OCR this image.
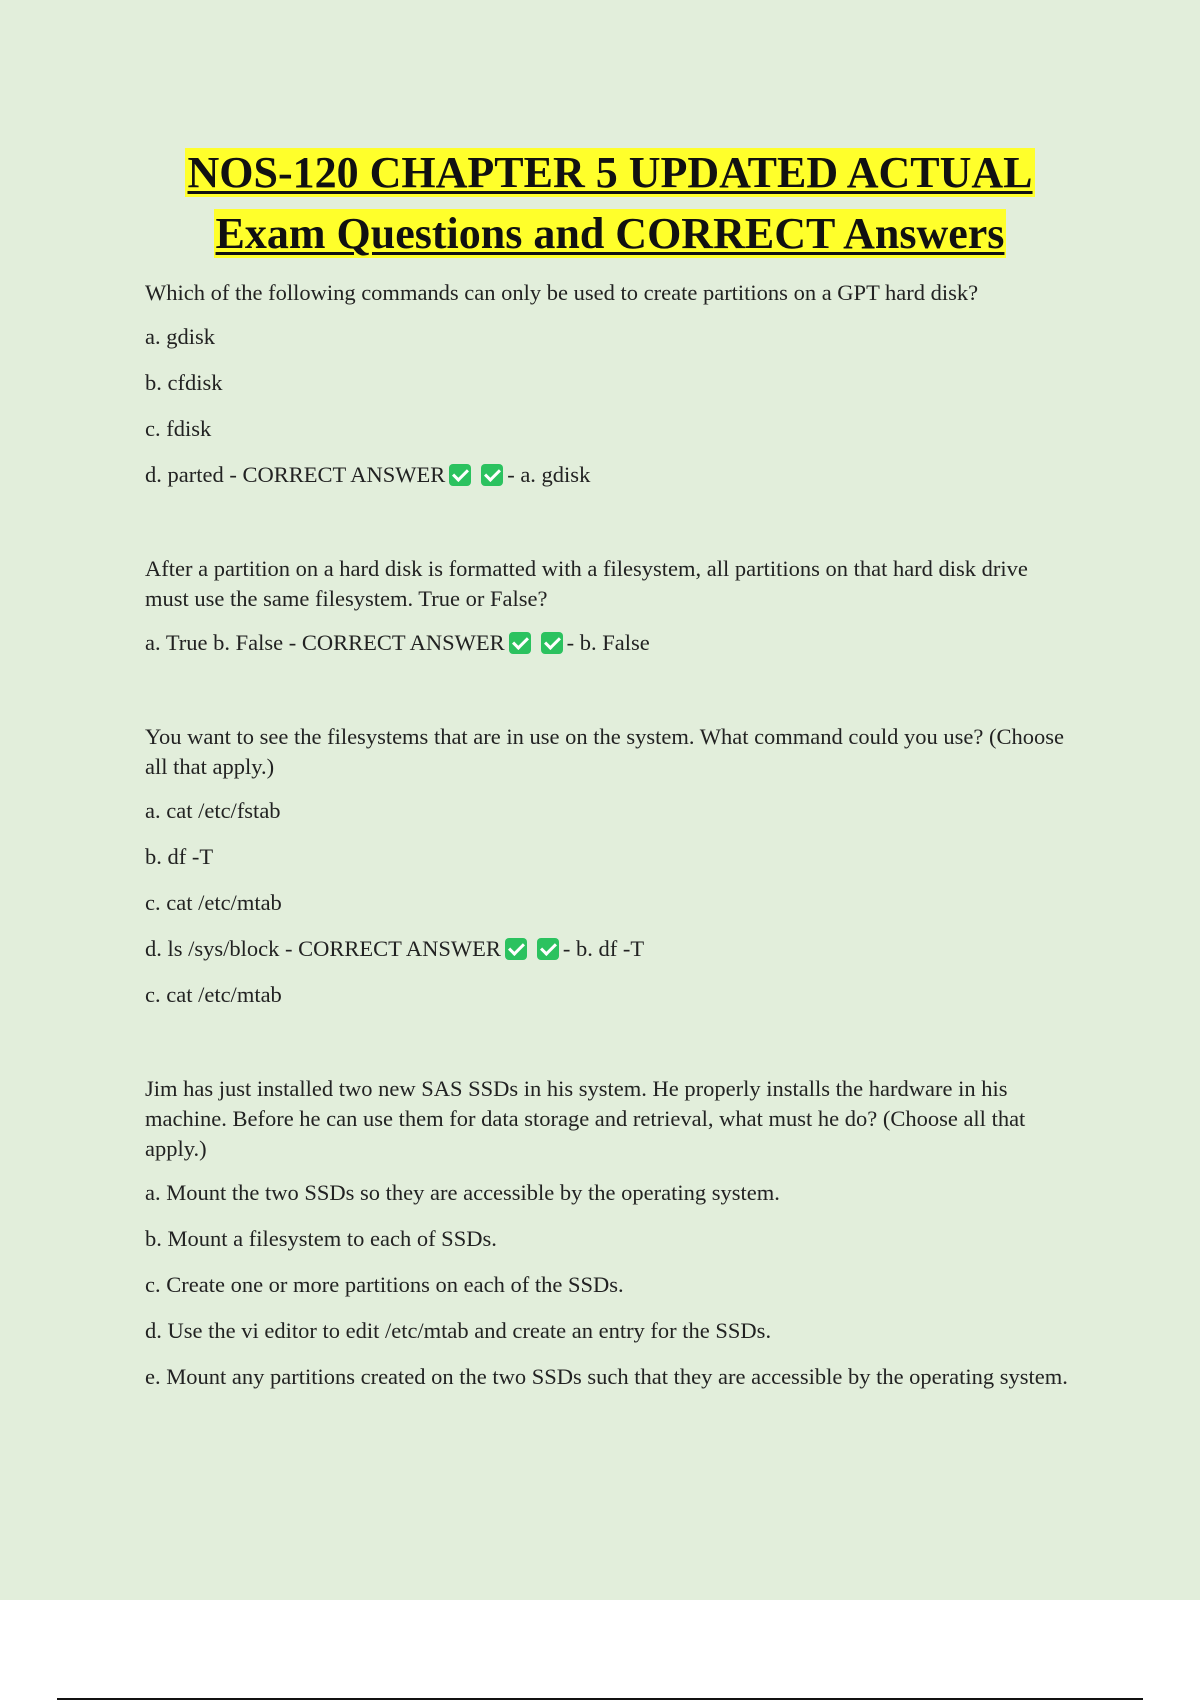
NOS-120 CHAPTER 5 UPDATED ACTUAL
Exam Questions and CORRECT Answers

Which of the following commands can only be used to create partitions on a GPT hard disk?

a. gdisk

b. cfdisk

c. fdisk

d. parted - CORRECT ANSWER	- a. gdisk

After a partition on a hard disk is formatted with a filesystem, all partitions on that hard disk drive must use the same filesystem. True or False?

a. True b. False - CORRECT ANSWER	- b. False

You want to see the filesystems that are in use on the system. What command could you use? (Choose all that apply.)

a. cat /etc/fstab

b. df -T

c. cat /etc/mtab

d. ls /sys/block - CORRECT ANSWER	- b. df -T

c. cat /etc/mtab

Jim has just installed two new SAS SSDs in his system. He properly installs the hardware in his machine. Before he can use them for data storage and retrieval, what must he do? (Choose all that apply.)

a. Mount the two SSDs so they are accessible by the operating system.

b. Mount a filesystem to each of SSDs.

c. Create one or more partitions on each of the SSDs.

d. Use the vi editor to edit /etc/mtab and create an entry for the SSDs.

e. Mount any partitions created on the two SSDs such that they are accessible by the operating system.
